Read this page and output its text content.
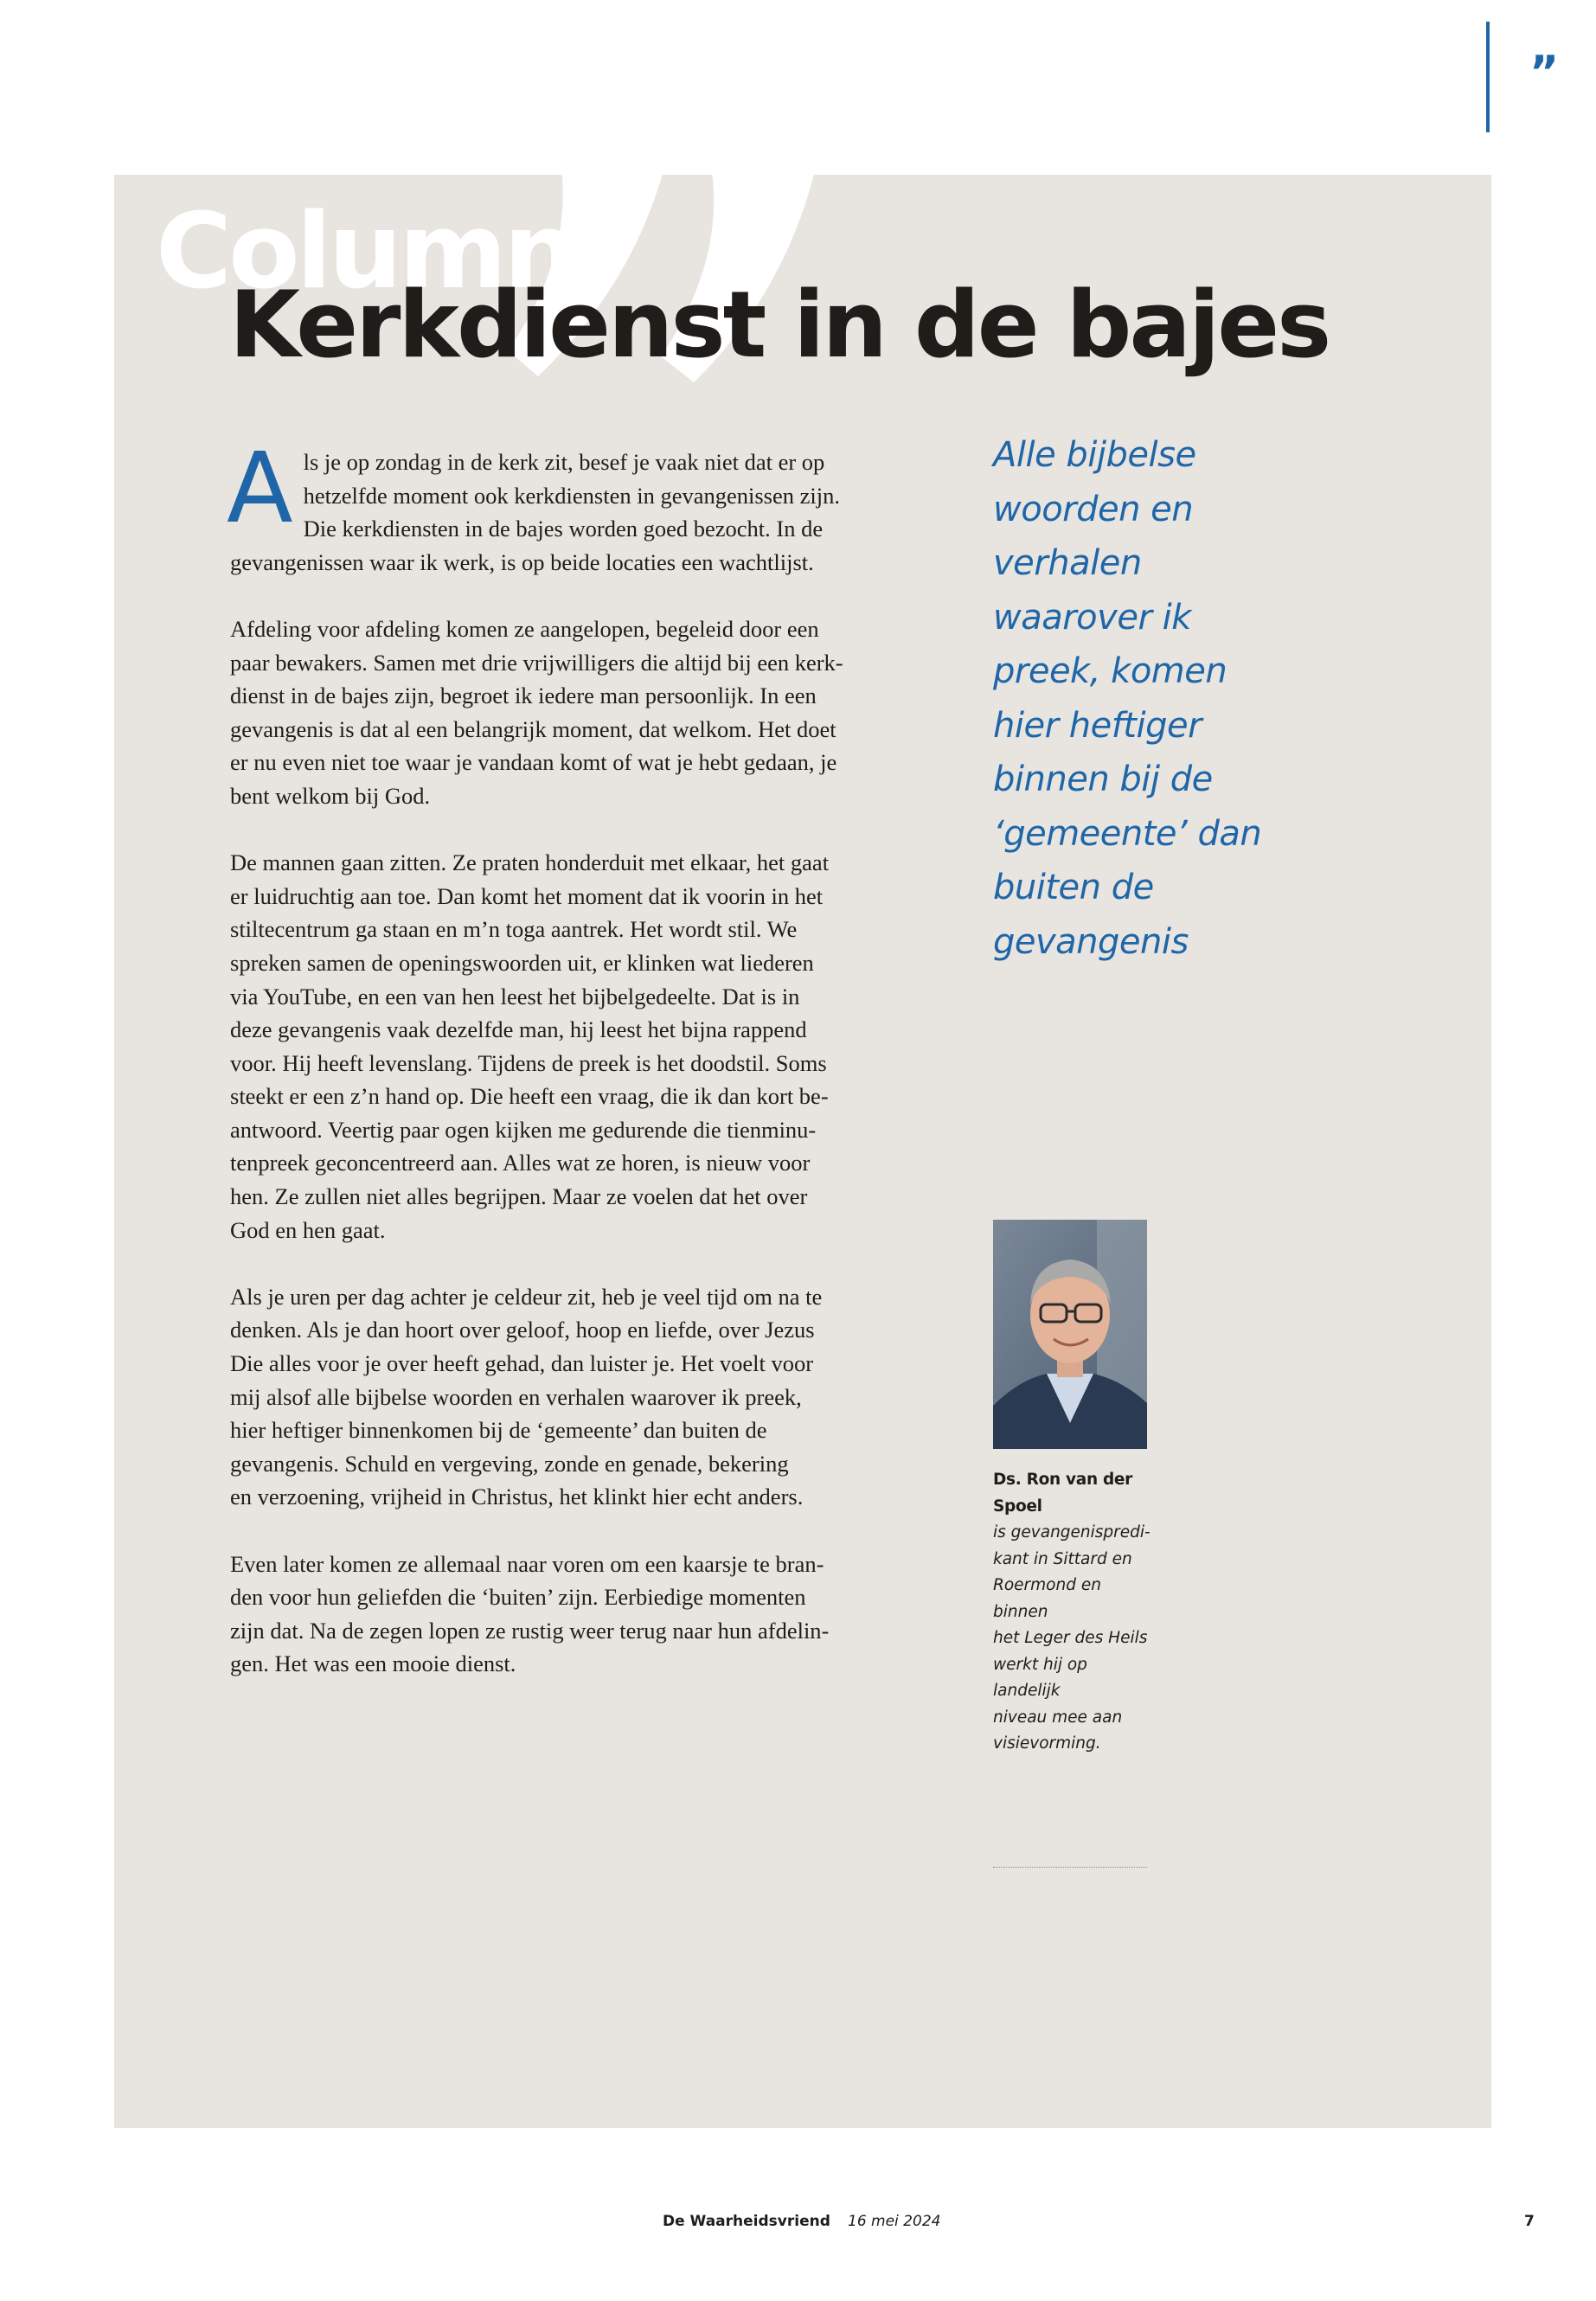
”
Column
Kerkdienst in de bajes
A ls je op zondag in de kerk zit, besef je vaak niet dat er op
hetzelfde moment ook kerkdiensten in gevangenissen zijn.
Die kerkdiensten in de bajes worden goed bezocht. In de
gevangenissen waar ik werk, is op beide locaties een wachtlijst.
Afdeling voor afdeling komen ze aangelopen, begeleid door een
paar bewakers. Samen met drie vrijwilligers die altijd bij een kerk-
dienst in de bajes zijn, begroet ik iedere man persoonlijk. In een
gevangenis is dat al een belangrijk moment, dat welkom. Het doet
er nu even niet toe waar je vandaan komt of wat je hebt gedaan, je
bent welkom bij God.
De mannen gaan zitten. Ze praten honderduit met elkaar, het gaat
er luidruchtig aan toe. Dan komt het moment dat ik voorin in het
stiltecentrum ga staan en m’n toga aantrek. Het wordt stil. We
spreken samen de openingswoorden uit, er klinken wat liederen
via YouTube, en een van hen leest het bijbelgedeelte. Dat is in
deze gevangenis vaak dezelfde man, hij leest het bijna rappend
voor. Hij heeft levenslang. Tijdens de preek is het doodstil. Soms
steekt er een z’n hand op. Die heeft een vraag, die ik dan kort be-
antwoord. Veertig paar ogen kijken me gedurende die tienminu-
tenpreek geconcentreerd aan. Alles wat ze horen, is nieuw voor
hen. Ze zullen niet alles begrijpen. Maar ze voelen dat het over
God en hen gaat.
Als je uren per dag achter je celdeur zit, heb je veel tijd om na te
denken. Als je dan hoort over geloof, hoop en liefde, over Jezus
Die alles voor je over heeft gehad, dan luister je. Het voelt voor
mij alsof alle bijbelse woorden en verhalen waarover ik preek,
hier heftiger binnenkomen bij de ‘gemeente’ dan buiten de
gevangenis. Schuld en vergeving, zonde en genade, bekering
en verzoening, vrijheid in Christus, het klinkt hier echt anders.
Even later komen ze allemaal naar voren om een kaarsje te bran-
den voor hun geliefden die ‘buiten’ zijn. Eerbiedige momenten
zijn dat. Na de zegen lopen ze rustig weer terug naar hun afdelin-
gen. Het was een mooie dienst.
Alle bijbelse
woorden en
verhalen
waarover ik
preek, komen
hier heftiger
binnen bij de
‘gemeente’ dan
buiten de
gevangenis
Ds. Ron van der Spoel
is gevangenispredi-
kant in Sittard en
Roermond en binnen
het Leger des Heils
werkt hij op landelijk
niveau mee aan
visievorming.
De Waarheidsvriend 16 mei 2024	7
